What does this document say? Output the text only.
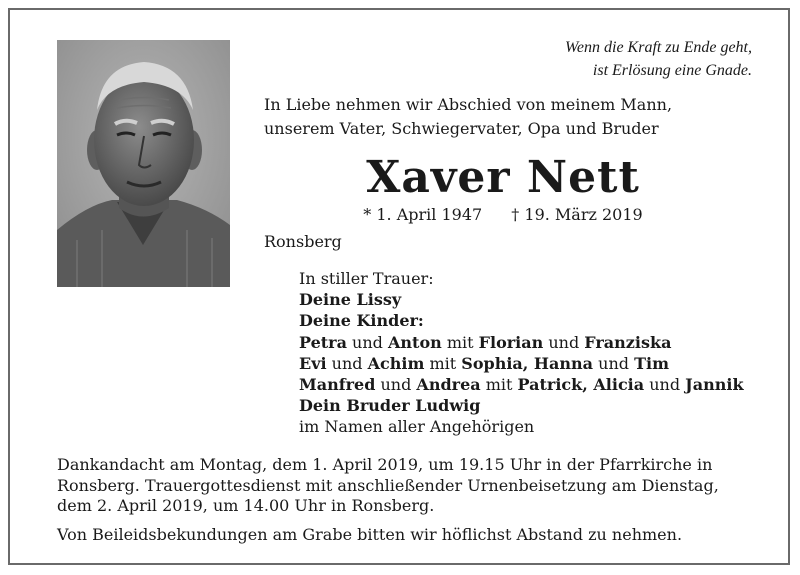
Wenn die Kraft zu Ende geht,
ist Erlösung eine Gnade.
In Liebe nehmen wir Abschied von meinem Mann,
unserem Vater, Schwiegervater, Opa und Bruder
Xaver Nett
* 1. April 1947 † 19. März 2019
Ronsberg
In stiller Trauer:
Deine Lissy
Deine Kinder:
Petra und Anton mit Florian und Franziska
Evi und Achim mit Sophia, Hanna und Tim
Manfred und Andrea mit Patrick, Alicia und Jannik
Dein Bruder Ludwig
im Namen aller Angehörigen

Dankandacht am Montag, dem 1. April 2019, um 19.15 Uhr in der Pfarrkirche in Ronsberg. Trauergottesdienst mit anschließender Urnenbeisetzung am Dienstag, dem 2. April 2019, um 14.00 Uhr in Ronsberg.

Von Beileidsbekundungen am Grabe bitten wir höflichst Abstand zu nehmen.
